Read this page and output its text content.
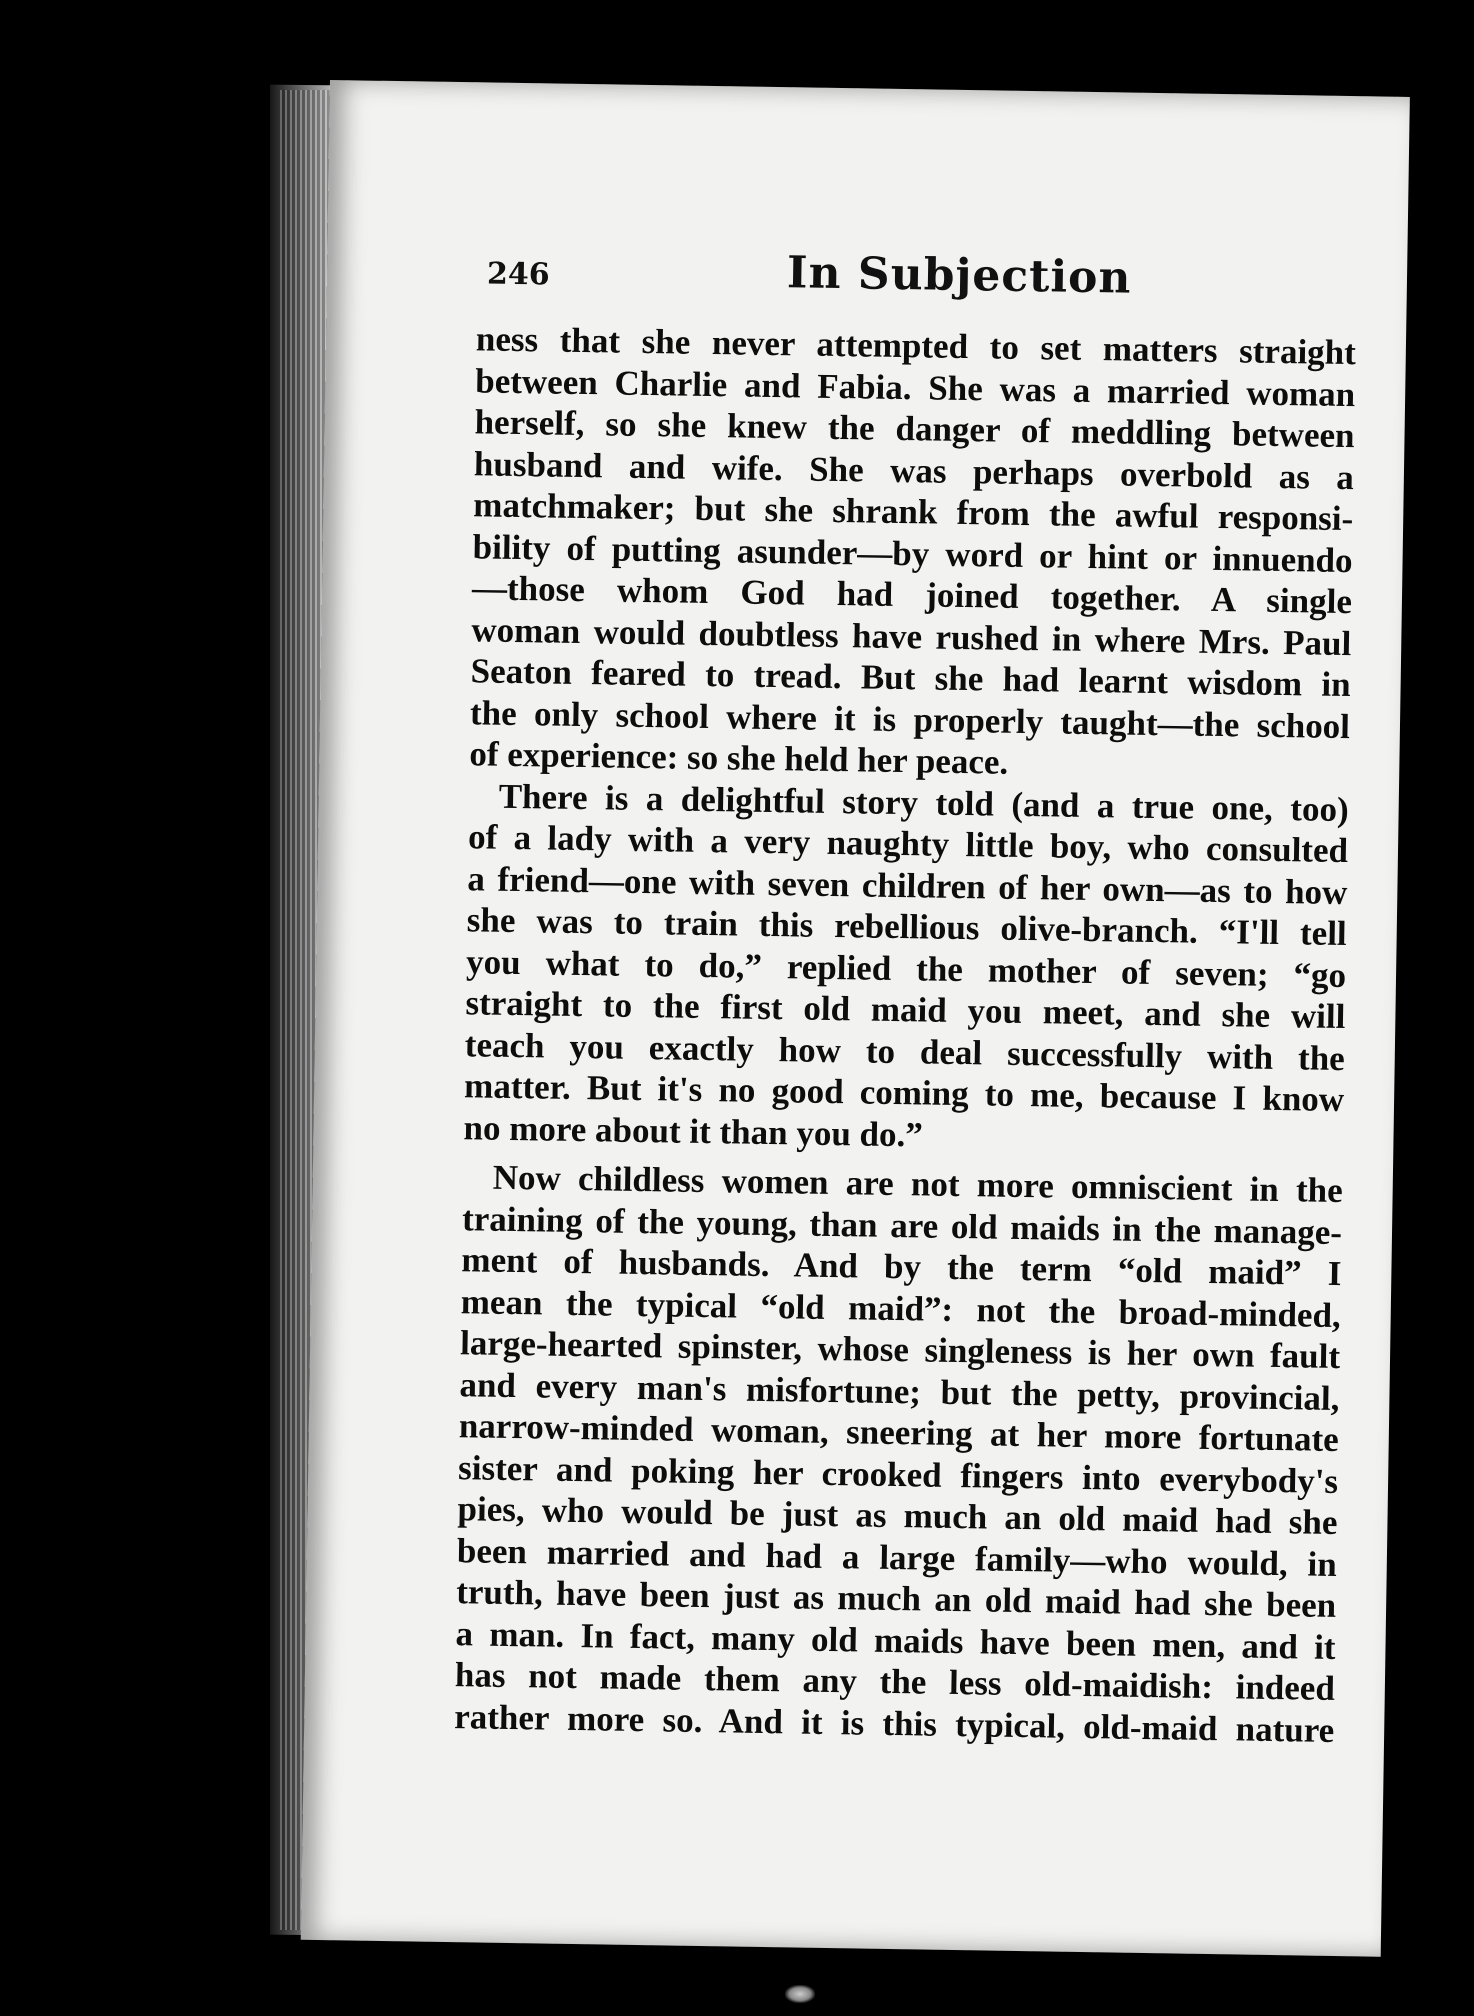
246	In Subjection

ness that she never attempted to set matters straight
between Charlie and Fabia. She was a married woman
herself, so she knew the danger of meddling between
husband and wife. She was perhaps overbold as a
matchmaker; but she shrank from the awful responsi-
bility of putting asunder—by word or hint or innuendo
—those whom God had joined together. A single
woman would doubtless have rushed in where Mrs. Paul
Seaton feared to tread. But she had learnt wisdom in
the only school where it is properly taught—the school
of experience: so she held her peace.

There is a delightful story told (and a true one, too)
of a lady with a very naughty little boy, who consulted
a friend—one with seven children of her own—as to how
she was to train this rebellious olive-branch. “I'll tell
you what to do,” replied the mother of seven; “go
straight to the first old maid you meet, and she will
teach you exactly how to deal successfully with the
matter. But it's no good coming to me, because I know
no more about it than you do.”

Now childless women are not more omniscient in the
training of the young, than are old maids in the manage-
ment of husbands. And by the term “old maid” I
mean the typical “old maid”: not the broad-minded,
large-hearted spinster, whose singleness is her own fault
and every man's misfortune; but the petty, provincial,
narrow-minded woman, sneering at her more fortunate
sister and poking her crooked fingers into everybody's
pies, who would be just as much an old maid had she
been married and had a large family—who would, in
truth, have been just as much an old maid had she been
a man. In fact, many old maids have been men, and it
has not made them any the less old-maidish: indeed
rather more so. And it is this typical, old-maid nature
